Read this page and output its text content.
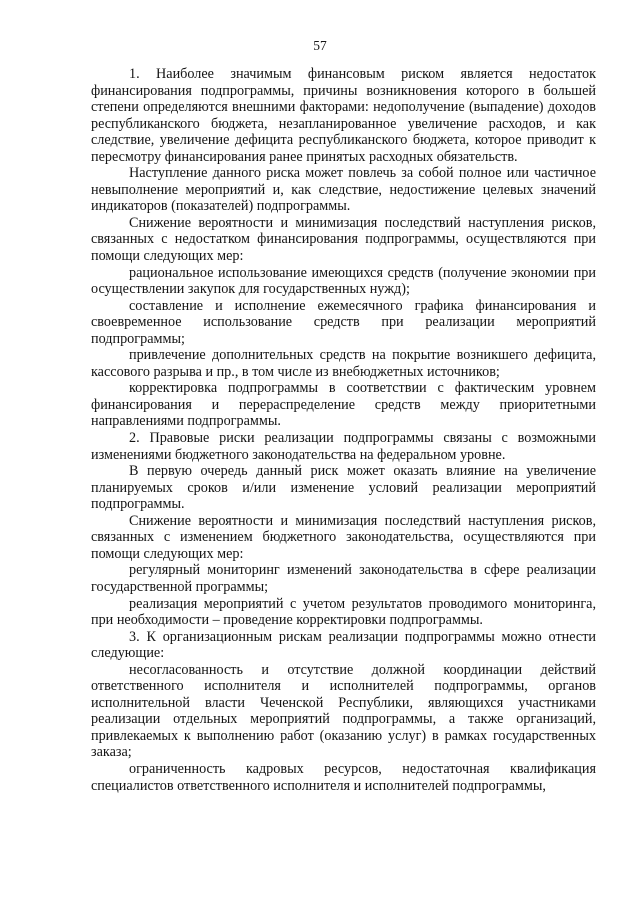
57

1. Наиболее значимым финансовым риском является недостаток финансирования подпрограммы, причины возникновения которого в большей степени определяются внешними факторами: недополучение (выпадение) доходов республиканского бюджета, незапланированное увеличение расходов, и как следствие, увеличение дефицита республиканского бюджета, которое приводит к пересмотру финансирования ранее принятых расходных обязательств.

Наступление данного риска может повлечь за собой полное или частичное невыполнение мероприятий и, как следствие, недостижение целевых значений индикаторов (показателей) подпрограммы.

Снижение вероятности и минимизация последствий наступления рисков, связанных с недостатком финансирования подпрограммы, осуществляются при помощи следующих мер:

рациональное использование имеющихся средств (получение экономии при осуществлении закупок для государственных нужд);

составление и исполнение ежемесячного графика финансирования и своевременное использование средств при реализации мероприятий подпрограммы;

привлечение дополнительных средств на покрытие возникшего дефицита, кассового разрыва и пр., в том числе из внебюджетных источников;

корректировка подпрограммы в соответствии с фактическим уровнем финансирования и перераспределение средств между приоритетными направлениями подпрограммы.

2. Правовые риски реализации подпрограммы связаны с возможными изменениями бюджетного законодательства на федеральном уровне.

В первую очередь данный риск может оказать влияние на увеличение планируемых сроков и/или изменение условий реализации мероприятий подпрограммы.

Снижение вероятности и минимизация последствий наступления рисков, связанных с изменением бюджетного законодательства, осуществляются при помощи следующих мер:

регулярный мониторинг изменений законодательства в сфере реализации государственной программы;

реализация мероприятий с учетом результатов проводимого мониторинга, при необходимости – проведение корректировки подпрограммы.

3. К организационным рискам реализации подпрограммы можно отнести следующие:

несогласованность и отсутствие должной координации действий ответственного исполнителя и исполнителей подпрограммы, органов исполнительной власти Чеченской Республики, являющихся участниками реализации отдельных мероприятий подпрограммы, а также организаций, привлекаемых к выполнению работ (оказанию услуг) в рамках государственных заказа;

ограниченность кадровых ресурсов, недостаточная квалификация специалистов ответственного исполнителя и исполнителей подпрограммы,
